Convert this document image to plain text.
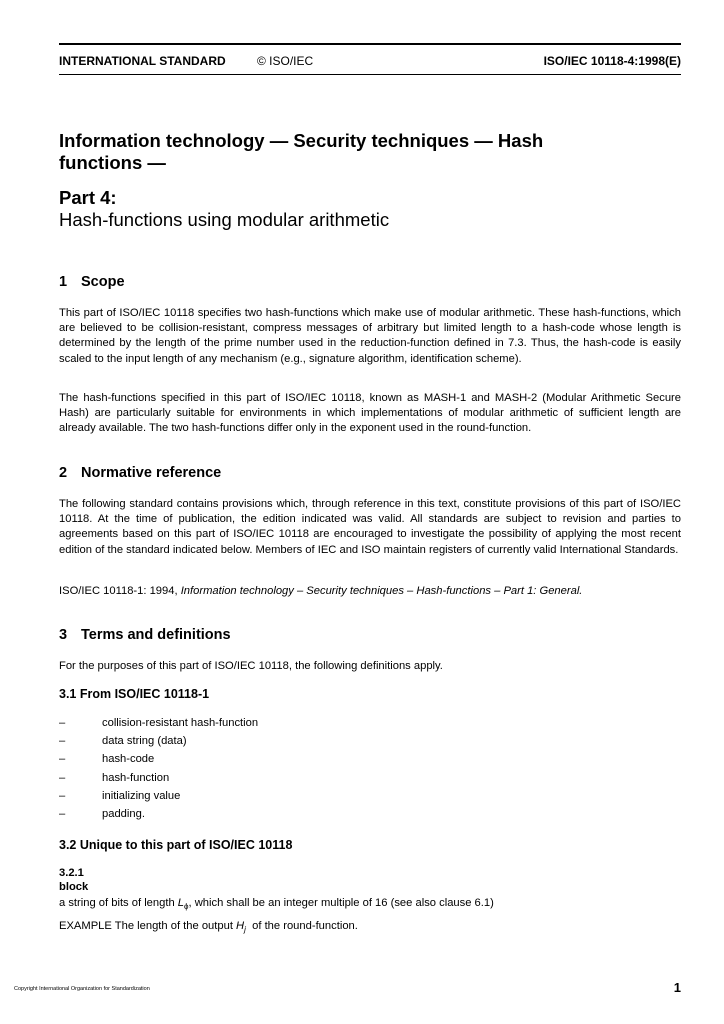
INTERNATIONAL STANDARD	© ISO/IEC	ISO/IEC 10118-4:1998(E)
Information technology — Security techniques — Hash
functions —
Part 4:
Hash-functions using modular arithmetic
1 Scope

This part of ISO/IEC 10118 specifies two hash-functions which make use of modular arithmetic. These hash-functions, which are believed to be collision-resistant, compress messages of arbitrary but limited length to a hash-code whose length is determined by the length of the prime number used in the reduction-function defined in 7.3. Thus, the hash-code is easily scaled to the input length of any mechanism (e.g., signature algorithm, identification scheme).

The hash-functions specified in this part of ISO/IEC 10118, known as MASH-1 and MASH-2 (Modular Arithmetic Secure Hash) are particularly suitable for environments in which implementations of modular arithmetic of sufficient length are already available. The two hash-functions differ only in the exponent used in the round-function.

2 Normative reference

The following standard contains provisions which, through reference in this text, constitute provisions of this part of ISO/IEC 10118. At the time of publication, the edition indicated was valid. All standards are subject to revision and parties to agreements based on this part of ISO/IEC 10118 are encouraged to investigate the possibility of applying the most recent edition of the standard indicated below. Members of IEC and ISO maintain registers of currently valid International Standards.

ISO/IEC 10118-1: 1994, Information technology – Security techniques – Hash-functions – Part 1: General.
3 Terms and definitions
For the purposes of this part of ISO/IEC 10118, the following definitions apply.
3.1 From ISO/IEC 10118-1
–	collision-resistant hash-function
–	data string (data)
–	hash-code
–	hash-function
–	initializing value
–	padding.
3.2 Unique to this part of ISO/IEC 10118
3.2.1
block
a string of bits of length $L_\phi$, which shall be an integer multiple of 16 (see also clause 6.1)
EXAMPLE The length of the output $H_j$  of the round-function.
Copyright International Organization for Standardization	1
